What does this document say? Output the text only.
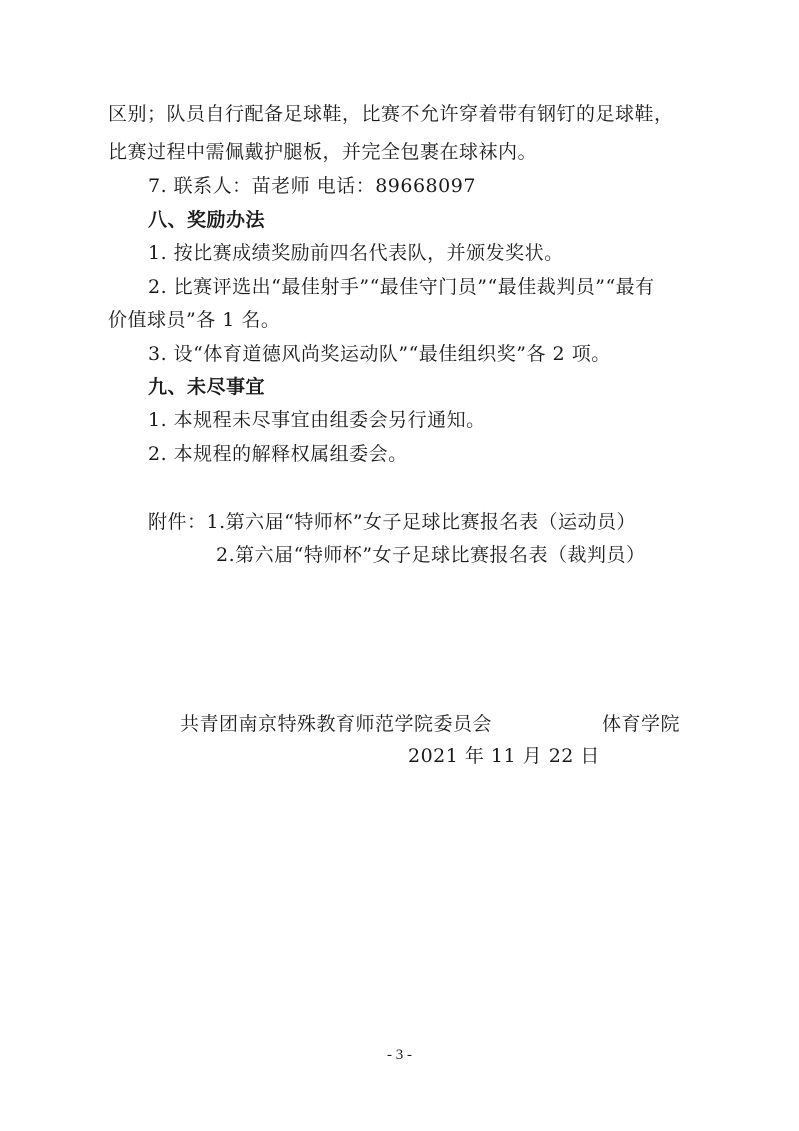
区别；队员自行配备足球鞋，比赛不允许穿着带有钢钉的足球鞋，
比赛过程中需佩戴护腿板，并完全包裹在球袜内。
7. 联系人：苗老师 电话：89668097
八、奖励办法
1. 按比赛成绩奖励前四名代表队，并颁发奖状。
2. 比赛评选出“最佳射手”“最佳守门员”“最佳裁判员”“最有
价值球员”各 1 名。
3. 设“体育道德风尚奖运动队”“最佳组织奖”各 2 项。
九、未尽事宜
1. 本规程未尽事宜由组委会另行通知。
2. 本规程的解释权属组委会。
附件：1.第六届“特师杯”女子足球比赛报名表（运动员）
2.第六届“特师杯”女子足球比赛报名表（裁判员）
共青团南京特殊教育师范学院委员会	体育学院
2021 年 11 月 22 日
- 3 -
